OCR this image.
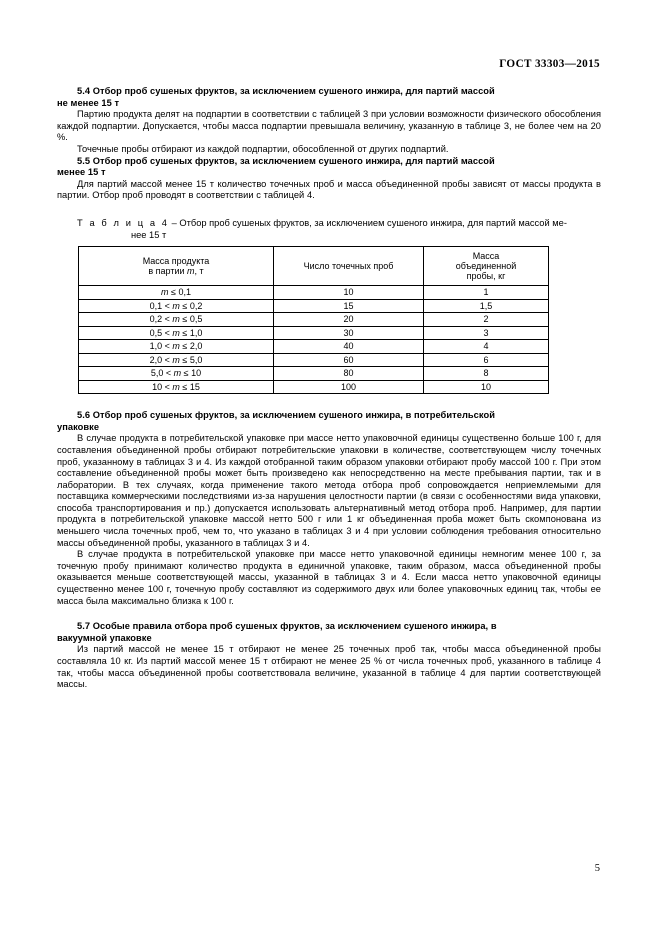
ГОСТ 33303—2015
5.4 Отбор проб сушеных фруктов, за исключением сушеного инжира, для партий массой
не менее 15 т

Партию продукта делят на подпартии в соответствии с таблицей 3 при условии возможности физического обособления каждой подпартии. Допускается, чтобы масса подпартии превышала величину, указанную в таблице 3, не более чем на 20 %.

Точечные пробы отбирают из каждой подпартии, обособленной от других подпартий.

5.5 Отбор проб сушеных фруктов, за исключением сушеного инжира, для партий массой
менее 15 т

Для партий массой менее 15 т количество точечных проб и масса объединенной пробы зависят от массы продукта в партии. Отбор проб проводят в соответствии с таблицей 4.

Т а б л и ц а 4 – Отбор проб сушеных фруктов, за исключением сушеного инжира, для партий массой ме-
нее 15 т
Масса продукта
в партии m, т	Число точечных проб	Масса
объединенной
пробы, кг

m ≤ 0,1	10	1
0,1 < m ≤ 0,2	15	1,5
0,2 < m ≤ 0,5	20	2
0,5 < m ≤ 1,0	30	3
1,0 < m ≤ 2,0	40	4
2,0 < m ≤ 5,0	60	6
5,0 < m ≤ 10	80	8
10 < m ≤ 15	100	10
5.6 Отбор проб сушеных фруктов, за исключением сушеного инжира, в потребительской
упаковке

В случае продукта в потребительской упаковке при массе нетто упаковочной единицы существенно больше 100 г, для составления объединенной пробы отбирают потребительские упаковки в количестве, соответствующем числу точечных проб, указанному в таблицах 3 и 4. Из каждой отобранной таким образом упаковки отбирают пробу массой 100 г. При этом составление объединенной пробы может быть произведено как непосредственно на месте пребывания партии, так и в лаборатории. В тех случаях, когда применение такого метода отбора проб сопровождается неприемлемыми для поставщика коммерческими последствиями из-за нарушения целостности партии (в связи с особенностями вида упаковки, способа транспортирования и пр.) допускается использовать альтернативный метод отбора проб. Например, для партии продукта в потребительской упаковке массой нетто 500 г или 1 кг объединенная проба может быть скомпонована из меньшего числа точечных проб, чем то, что указано в таблицах 3 и 4 при условии соблюдения требования относительно массы объединенной пробы, указанного в таблицах 3 и 4.

В случае продукта в потребительской упаковке при массе нетто упаковочной единицы немногим менее 100 г, за точечную пробу принимают количество продукта в единичной упаковке, таким образом, масса объединенной пробы оказывается меньше соответствующей массы, указанной в таблицах 3 и 4. Если масса нетто упаковочной единицы существенно менее 100 г, точечную пробу составляют из содержимого двух или более упаковочных единиц так, чтобы ее масса была максимально близка к 100 г.

5.7 Особые правила отбора проб сушеных фруктов, за исключением сушеного инжира, в
вакуумной упаковке

Из партий массой не менее 15 т отбирают не менее 25 точечных проб так, чтобы масса объединенной пробы составляла 10 кг. Из партий массой менее 15 т отбирают не менее 25 % от числа точечных проб, указанного в таблице 4 так, чтобы масса объединенной пробы соответствовала величине, указанной в таблице 4 для партии соответствующей массы.

5
